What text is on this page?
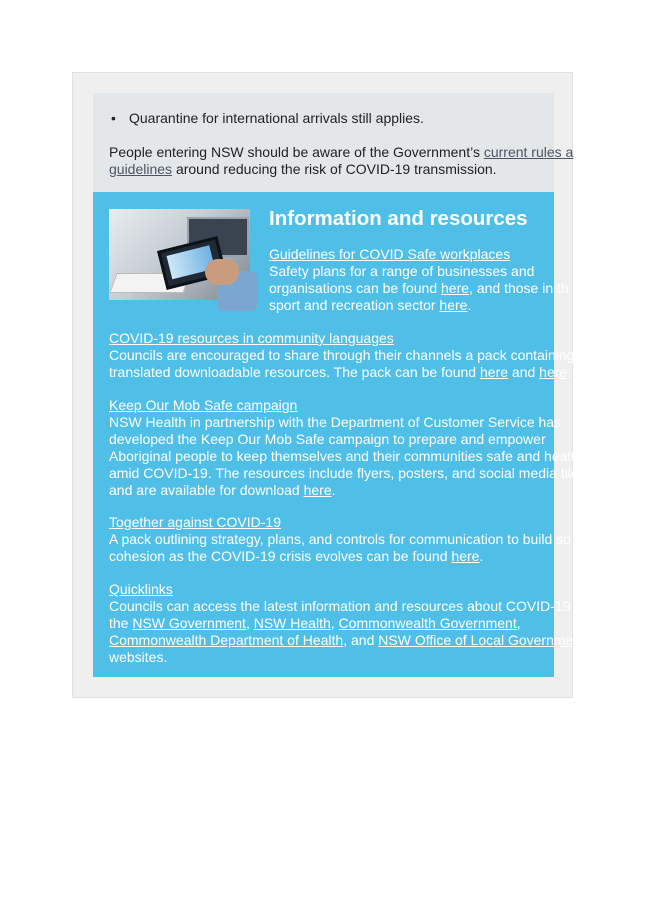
• Quarantine for international arrivals still applies.
People entering NSW should be aware of the Government’s current rules a
guidelines around reducing the risk of COVID-19 transmission.
Information and resources
Guidelines for COVID Safe workplaces
Safety plans for a range of businesses and
organisations can be found here, and those in th
sport and recreation sector here.
COVID-19 resources in community languages
Councils are encouraged to share through their channels a pack containing
translated downloadable resources. The pack can be found here and here.
Keep Our Mob Safe campaign
NSW Health in partnership with the Department of Customer Service has
developed the Keep Our Mob Safe campaign to prepare and empower
Aboriginal people to keep themselves and their communities safe and healt
amid COVID-19. The resources include flyers, posters, and social media tile
and are available for download here.
Together against COVID-19
A pack outlining strategy, plans, and controls for communication to build so
cohesion as the COVID-19 crisis evolves can be found here.
Quicklinks
Councils can access the latest information and resources about COVID-19
the NSW Government, NSW Health, Commonwealth Government,
Commonwealth Department of Health, and NSW Office of Local Governme
websites.
